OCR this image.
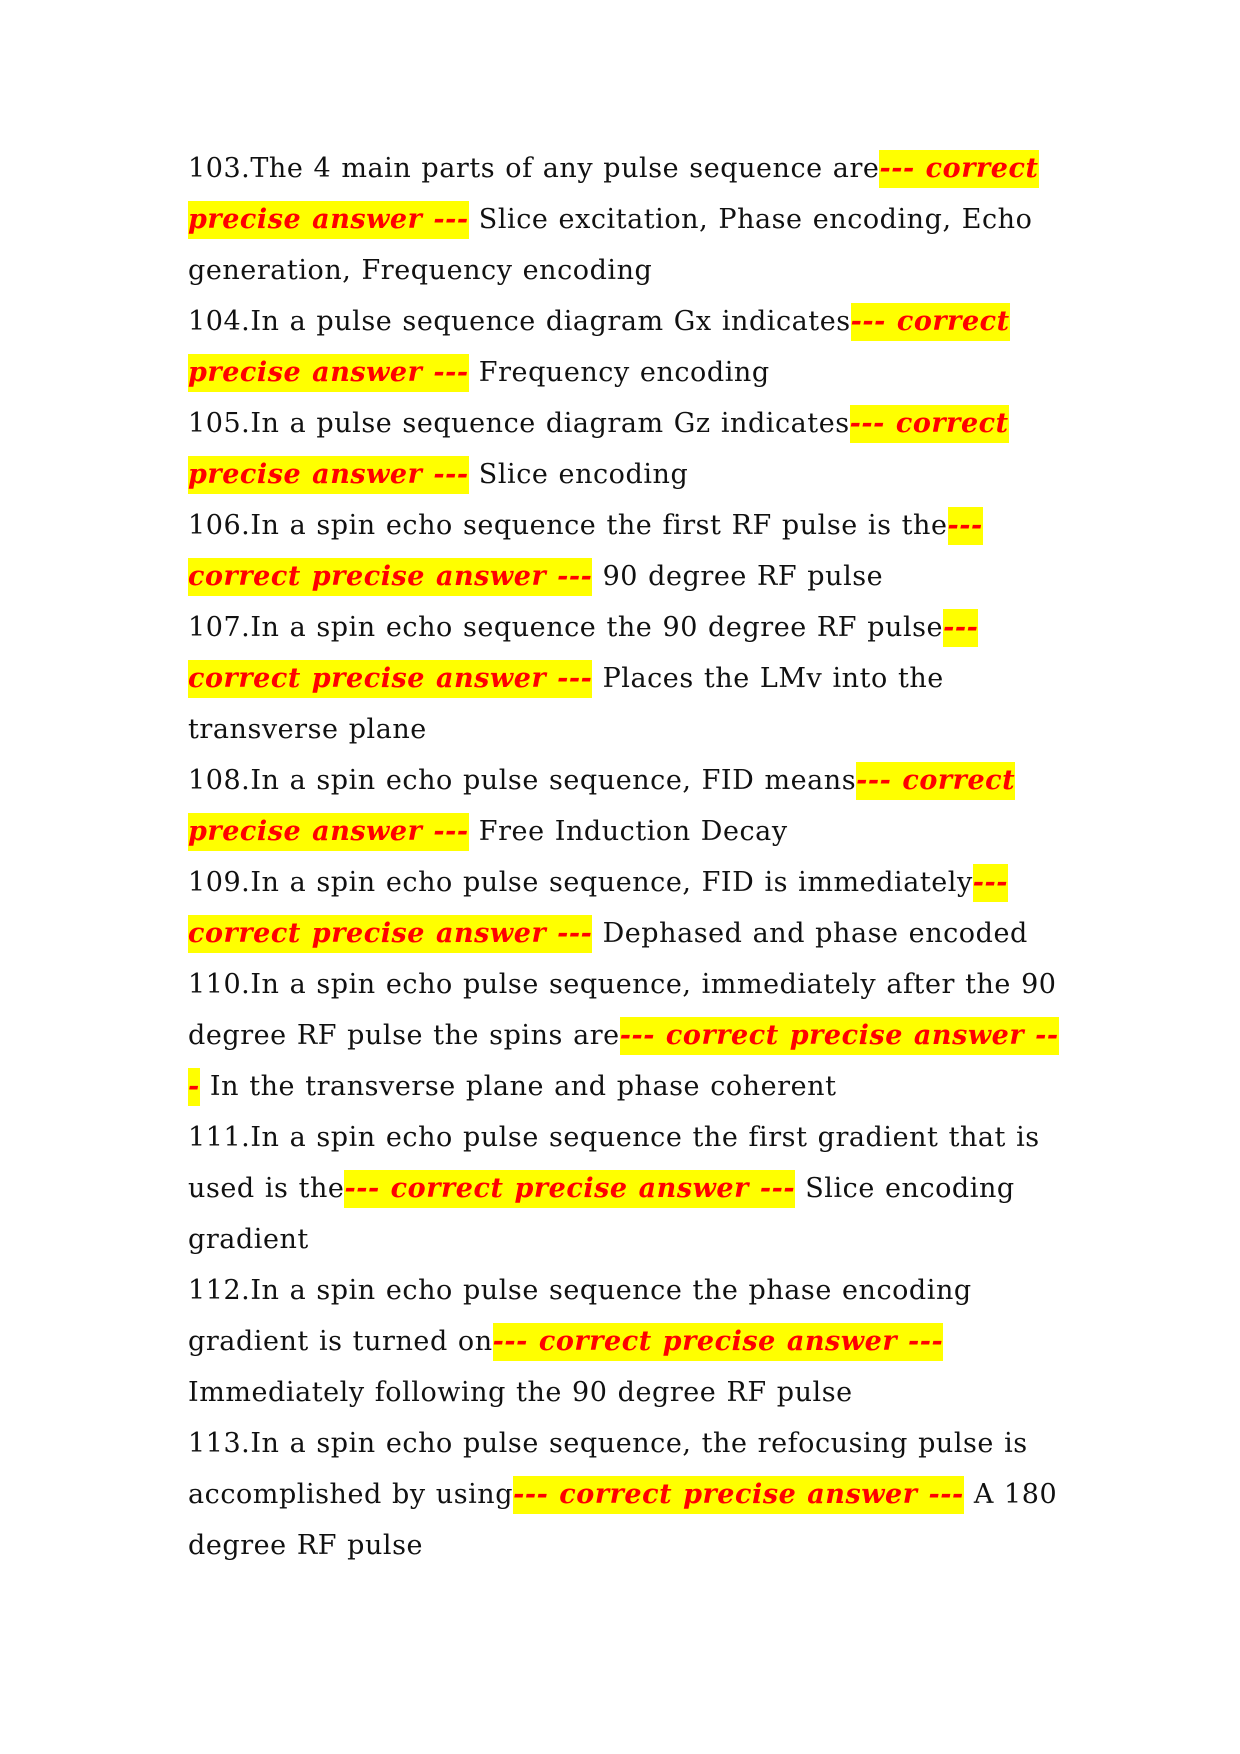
103.The 4 main parts of any pulse sequence are--- correct precise answer --- Slice excitation, Phase encoding, Echo generation, Frequency encoding

104.In a pulse sequence diagram Gx indicates--- correct precise answer --- Frequency encoding

105.In a pulse sequence diagram Gz indicates--- correct precise answer --- Slice encoding

106.In a spin echo sequence the first RF pulse is the--- correct precise answer --- 90 degree RF pulse

107.In a spin echo sequence the 90 degree RF pulse--- correct precise answer --- Places the LMv into the transverse plane

108.In a spin echo pulse sequence, FID means--- correct precise answer --- Free Induction Decay

109.In a spin echo pulse sequence, FID is immediately--- correct precise answer --- Dephased and phase encoded

110.In a spin echo pulse sequence, immediately after the 90 degree RF pulse the spins are--- correct precise answer --- In the transverse plane and phase coherent

111.In a spin echo pulse sequence the first gradient that is used is the--- correct precise answer --- Slice encoding gradient

112.In a spin echo pulse sequence the phase encoding gradient is turned on--- correct precise answer --- Immediately following the 90 degree RF pulse

113.In a spin echo pulse sequence, the refocusing pulse is accomplished by using--- correct precise answer --- A 180 degree RF pulse
